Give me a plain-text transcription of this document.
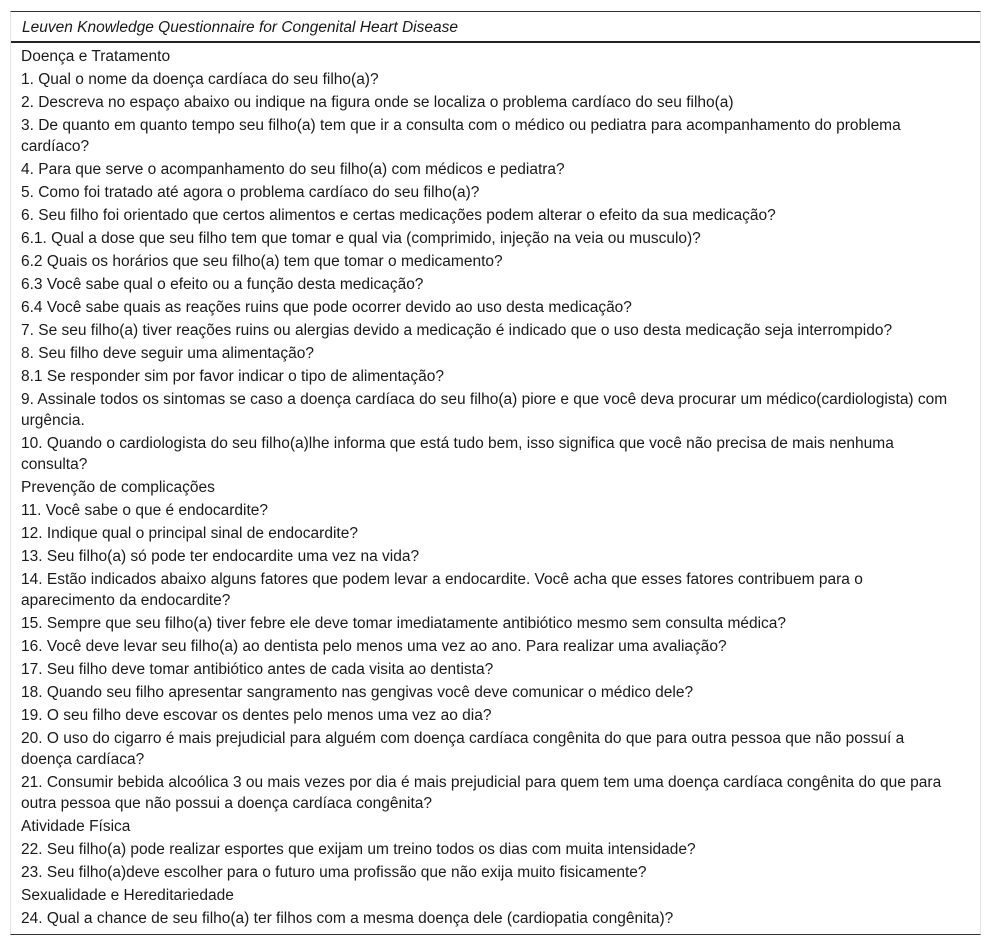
Leuven Knowledge Questionnaire for Congenital Heart Disease
Doença e Tratamento
1. Qual o nome da doença cardíaca do seu filho(a)?
2. Descreva no espaço abaixo ou indique na figura onde se localiza o problema cardíaco do seu filho(a)
3. De quanto em quanto tempo seu filho(a) tem que ir a consulta com o médico ou pediatra para acompanhamento do problema cardíaco?
4. Para que serve o acompanhamento do seu filho(a) com médicos e pediatra?
5. Como foi tratado até agora o problema cardíaco do seu filho(a)?
6. Seu filho foi orientado que certos alimentos e certas medicações podem alterar o efeito da sua medicação?
6.1. Qual a dose que seu filho tem que tomar e qual via (comprimido, injeção na veia ou musculo)?
6.2 Quais os horários que seu filho(a) tem que tomar o medicamento?
6.3 Você sabe qual o efeito ou a função desta medicação?
6.4 Você sabe quais as reações ruins que pode ocorrer devido ao uso desta medicação?
7. Se seu filho(a) tiver reações ruins ou alergias devido a medicação é indicado que o uso desta medicação seja interrompido?
8. Seu filho deve seguir uma alimentação?
8.1 Se responder sim por favor indicar o tipo de alimentação?
9. Assinale todos os sintomas se caso a doença cardíaca do seu filho(a) piore e que você deva procurar um médico(cardiologista) com urgência.
10. Quando o cardiologista do seu filho(a)lhe informa que está tudo bem, isso significa que você não precisa de mais nenhuma consulta?
Prevenção de complicações
11. Você sabe o que é endocardite?
12. Indique qual o principal sinal de endocardite?
13. Seu filho(a) só pode ter endocardite uma vez na vida?
14. Estão indicados abaixo alguns fatores que podem levar a endocardite. Você acha que esses fatores contribuem para o aparecimento da endocardite?
15. Sempre que seu filho(a) tiver febre ele deve tomar imediatamente antibiótico mesmo sem consulta médica?
16. Você deve levar seu filho(a) ao dentista pelo menos uma vez ao ano. Para realizar uma avaliação?
17. Seu filho deve tomar antibiótico antes de cada visita ao dentista?
18. Quando seu filho apresentar sangramento nas gengivas você deve comunicar o médico dele?
19. O seu filho deve escovar os dentes pelo menos uma vez ao dia?
20. O uso do cigarro é mais prejudicial para alguém com doença cardíaca congênita do que para outra pessoa que não possuí a doença cardíaca?
21. Consumir bebida alcoólica 3 ou mais vezes por dia é mais prejudicial para quem tem uma doença cardíaca congênita do que para outra pessoa que não possui a doença cardíaca congênita?
Atividade Física
22. Seu filho(a) pode realizar esportes que exijam um treino todos os dias com muita intensidade?
23. Seu filho(a)deve escolher para o futuro uma profissão que não exija muito fisicamente?
Sexualidade e Hereditariedade
24. Qual a chance de seu filho(a) ter filhos com a mesma doença dele (cardiopatia congênita)?
